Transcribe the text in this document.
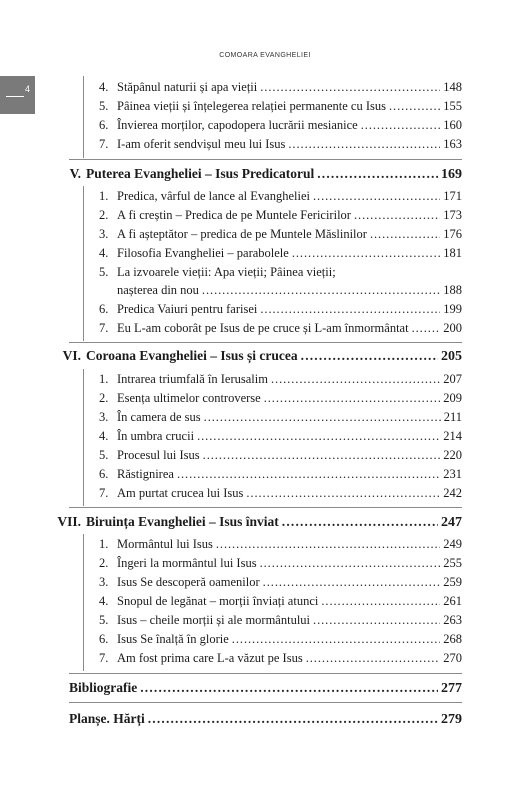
COMOARA EVANGHELIEI
4	4. Stăpânul naturii și apa vieții . . .	148
5. Pâinea vieții și înțelegerea relației permanente cu Isus . . .	155
6. Învierea morților, capodopera lucrării mesianice . . .	160
7. I-am oferit sendvișul meu lui Isus . . .	163
V. Puterea Evangheliei – Isus Predicatorul . . .	169
1. Predica, vârful de lance al Evangheliei . . .	171
2. A fi creștin – Predica de pe Muntele Fericirilor . . .	173
3. A fi așteptător – predica de pe Muntele Măslinilor . . .	176
4. Filosofia Evangheliei – parabolele . . .	181
5. La izvoarele vieții: Apa vieții; Pâinea vieții;
nașterea din nou . . .	188
6. Predica Vaiuri pentru farisei . . .	199
7. Eu L-am coborât pe Isus de pe cruce și L-am înmormântat . . .	200
VI. Coroana Evangheliei – Isus și crucea . . .	205
1. Intrarea triumfală în Ierusalim . . .	207
2. Esența ultimelor controverse . . .	209
3. În camera de sus . . .	211
4. În umbra crucii . . .	214
5. Procesul lui Isus . . .	220
6. Răstignirea . . .	231
7. Am purtat crucea lui Isus . . .	242
VII. Biruința Evangheliei – Isus înviat . . .	247
1. Mormântul lui Isus . . .	249
2. Îngeri la mormântul lui Isus . . .	255
3. Isus Se descoperă oamenilor . . .	259
4. Snopul de legănat – morții înviați atunci . . .	261
5. Isus – cheile morții și ale mormântului . . .	263
6. Isus Se înalță în glorie . . .	268
7. Am fost prima care L-a văzut pe Isus . . .	270
Bibliografie . . .	277
Planșe. Hărți . . .	279
